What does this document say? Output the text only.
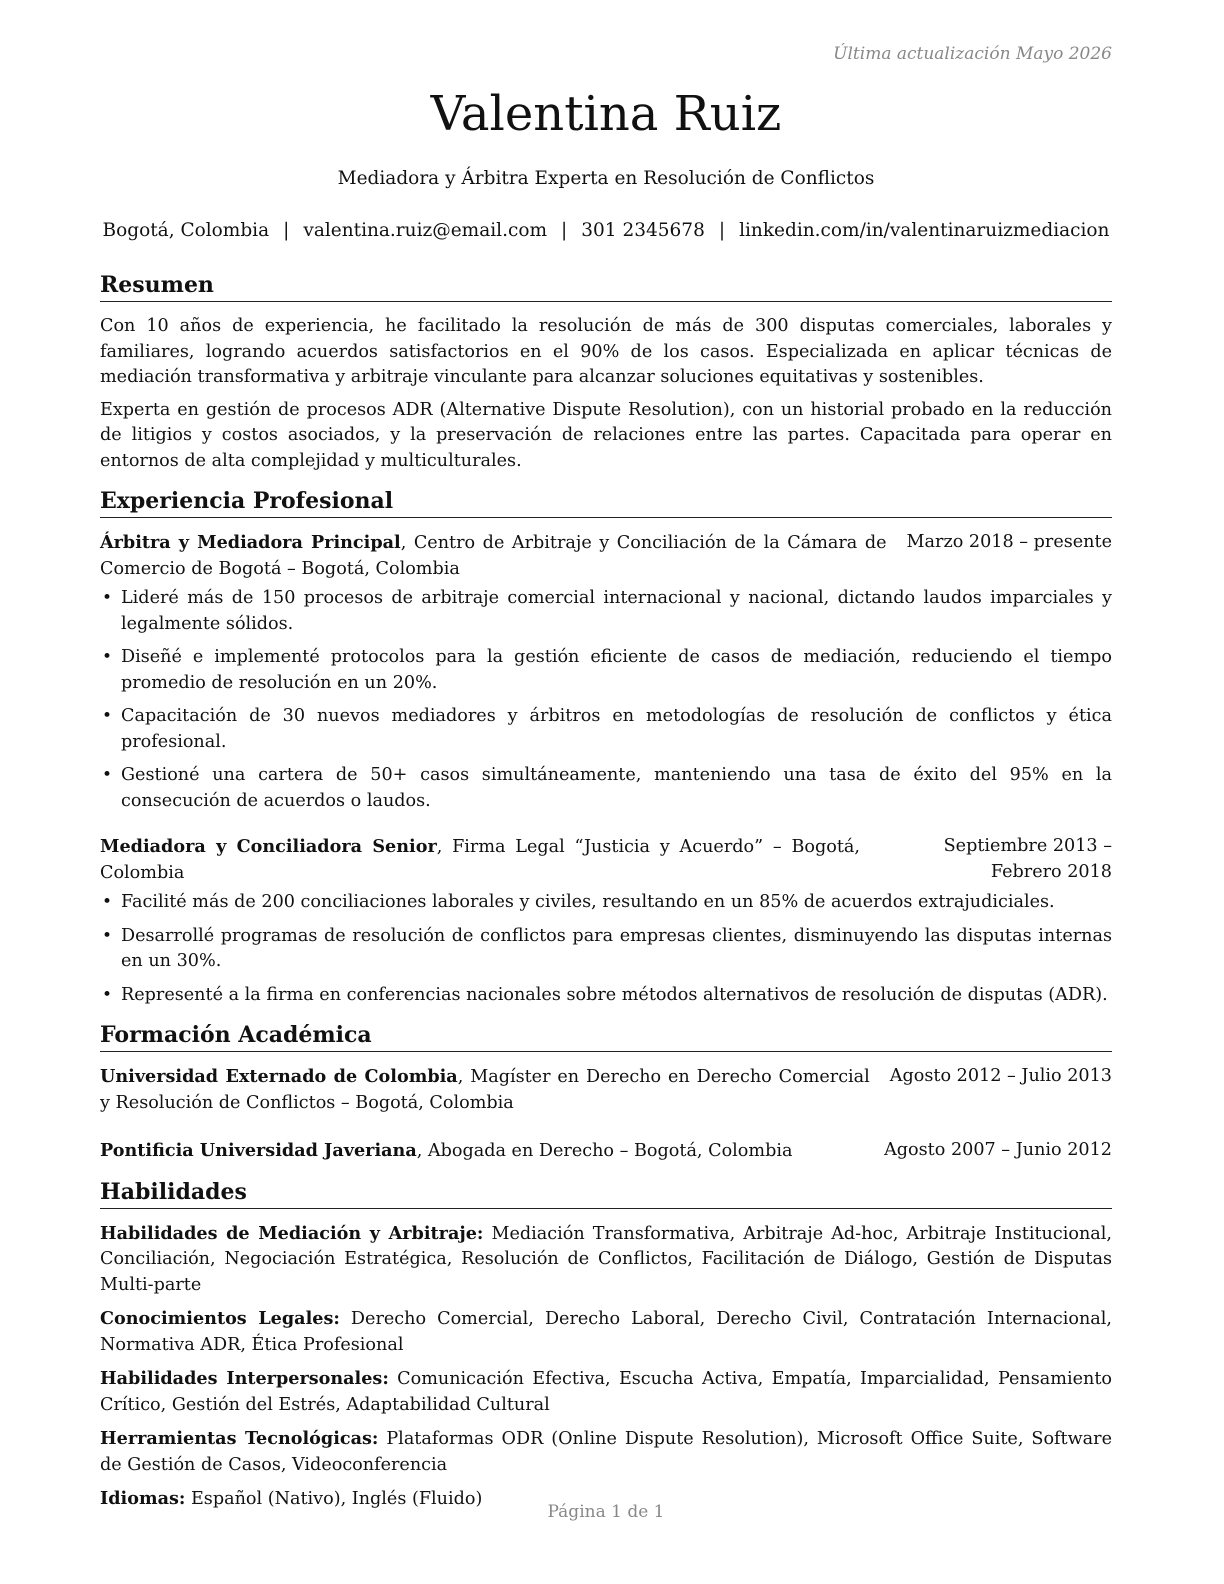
Última actualización Mayo 2026
Valentina Ruiz
Mediadora y Árbitra Experta en Resolución de Conflictos
Bogotá, Colombia | valentina.ruiz@email.com | 301 2345678 | linkedin.com/in/valentinaruizmediacion
Resumen

Con 10 años de experiencia, he facilitado la resolución de más de 300 disputas comerciales, laborales y familiares, logrando acuerdos satisfactorios en el 90% de los casos. Especializada en aplicar técnicas de mediación transformativa y arbitraje vinculante para alcanzar soluciones equitativas y sostenibles.

Experta en gestión de procesos ADR (Alternative Dispute Resolution), con un historial probado en la reducción de litigios y costos asociados, y la preservación de relaciones entre las partes. Capacitada para operar en entornos de alta complejidad y multiculturales.

Experiencia Profesional
Árbitra y Mediadora Principal, Centro de Arbitraje y Conciliación de la Cámara de Comercio de Bogotá – Bogotá, Colombia
Marzo 2018 – presente
• Lideré más de 150 procesos de arbitraje comercial internacional y nacional, dictando laudos imparciales y legalmente sólidos.
• Diseñé e implementé protocolos para la gestión eficiente de casos de mediación, reduciendo el tiempo promedio de resolución en un 20%.
• Capacitación de 30 nuevos mediadores y árbitros en metodologías de resolución de conflictos y ética profesional.
• Gestioné una cartera de 50+ casos simultáneamente, manteniendo una tasa de éxito del 95% en la consecución de acuerdos o laudos.
Mediadora y Conciliadora Senior, Firma Legal “Justicia y Acuerdo” – Bogotá, Colombia
Septiembre 2013 – Febrero 2018
• Facilité más de 200 conciliaciones laborales y civiles, resultando en un 85% de acuerdos extrajudiciales.
• Desarrollé programas de resolución de conflictos para empresas clientes, disminuyendo las disputas internas en un 30%.
• Representé a la firma en conferencias nacionales sobre métodos alternativos de resolución de disputas (ADR).
Formación Académica
Universidad Externado de Colombia, Magíster en Derecho en Derecho Comercial y Resolución de Conflictos – Bogotá, Colombia
Agosto 2012 – Julio 2013
Pontificia Universidad Javeriana, Abogada en Derecho – Bogotá, Colombia	Agosto 2007 – Junio 2012
Habilidades

Habilidades de Mediación y Arbitraje: Mediación Transformativa, Arbitraje Ad-hoc, Arbitraje Institucional, Conciliación, Negociación Estratégica, Resolución de Conflictos, Facilitación de Diálogo, Gestión de Disputas Multi-parte

Conocimientos Legales: Derecho Comercial, Derecho Laboral, Derecho Civil, Contratación Internacional, Normativa ADR, Ética Profesional

Habilidades Interpersonales: Comunicación Efectiva, Escucha Activa, Empatía, Imparcialidad, Pensamiento Crítico, Gestión del Estrés, Adaptabilidad Cultural

Herramientas Tecnológicas: Plataformas ODR (Online Dispute Resolution), Microsoft Office Suite, Software de Gestión de Casos, Videoconferencia

Idiomas: Español (Nativo), Inglés (Fluido)

Página 1 de 1
